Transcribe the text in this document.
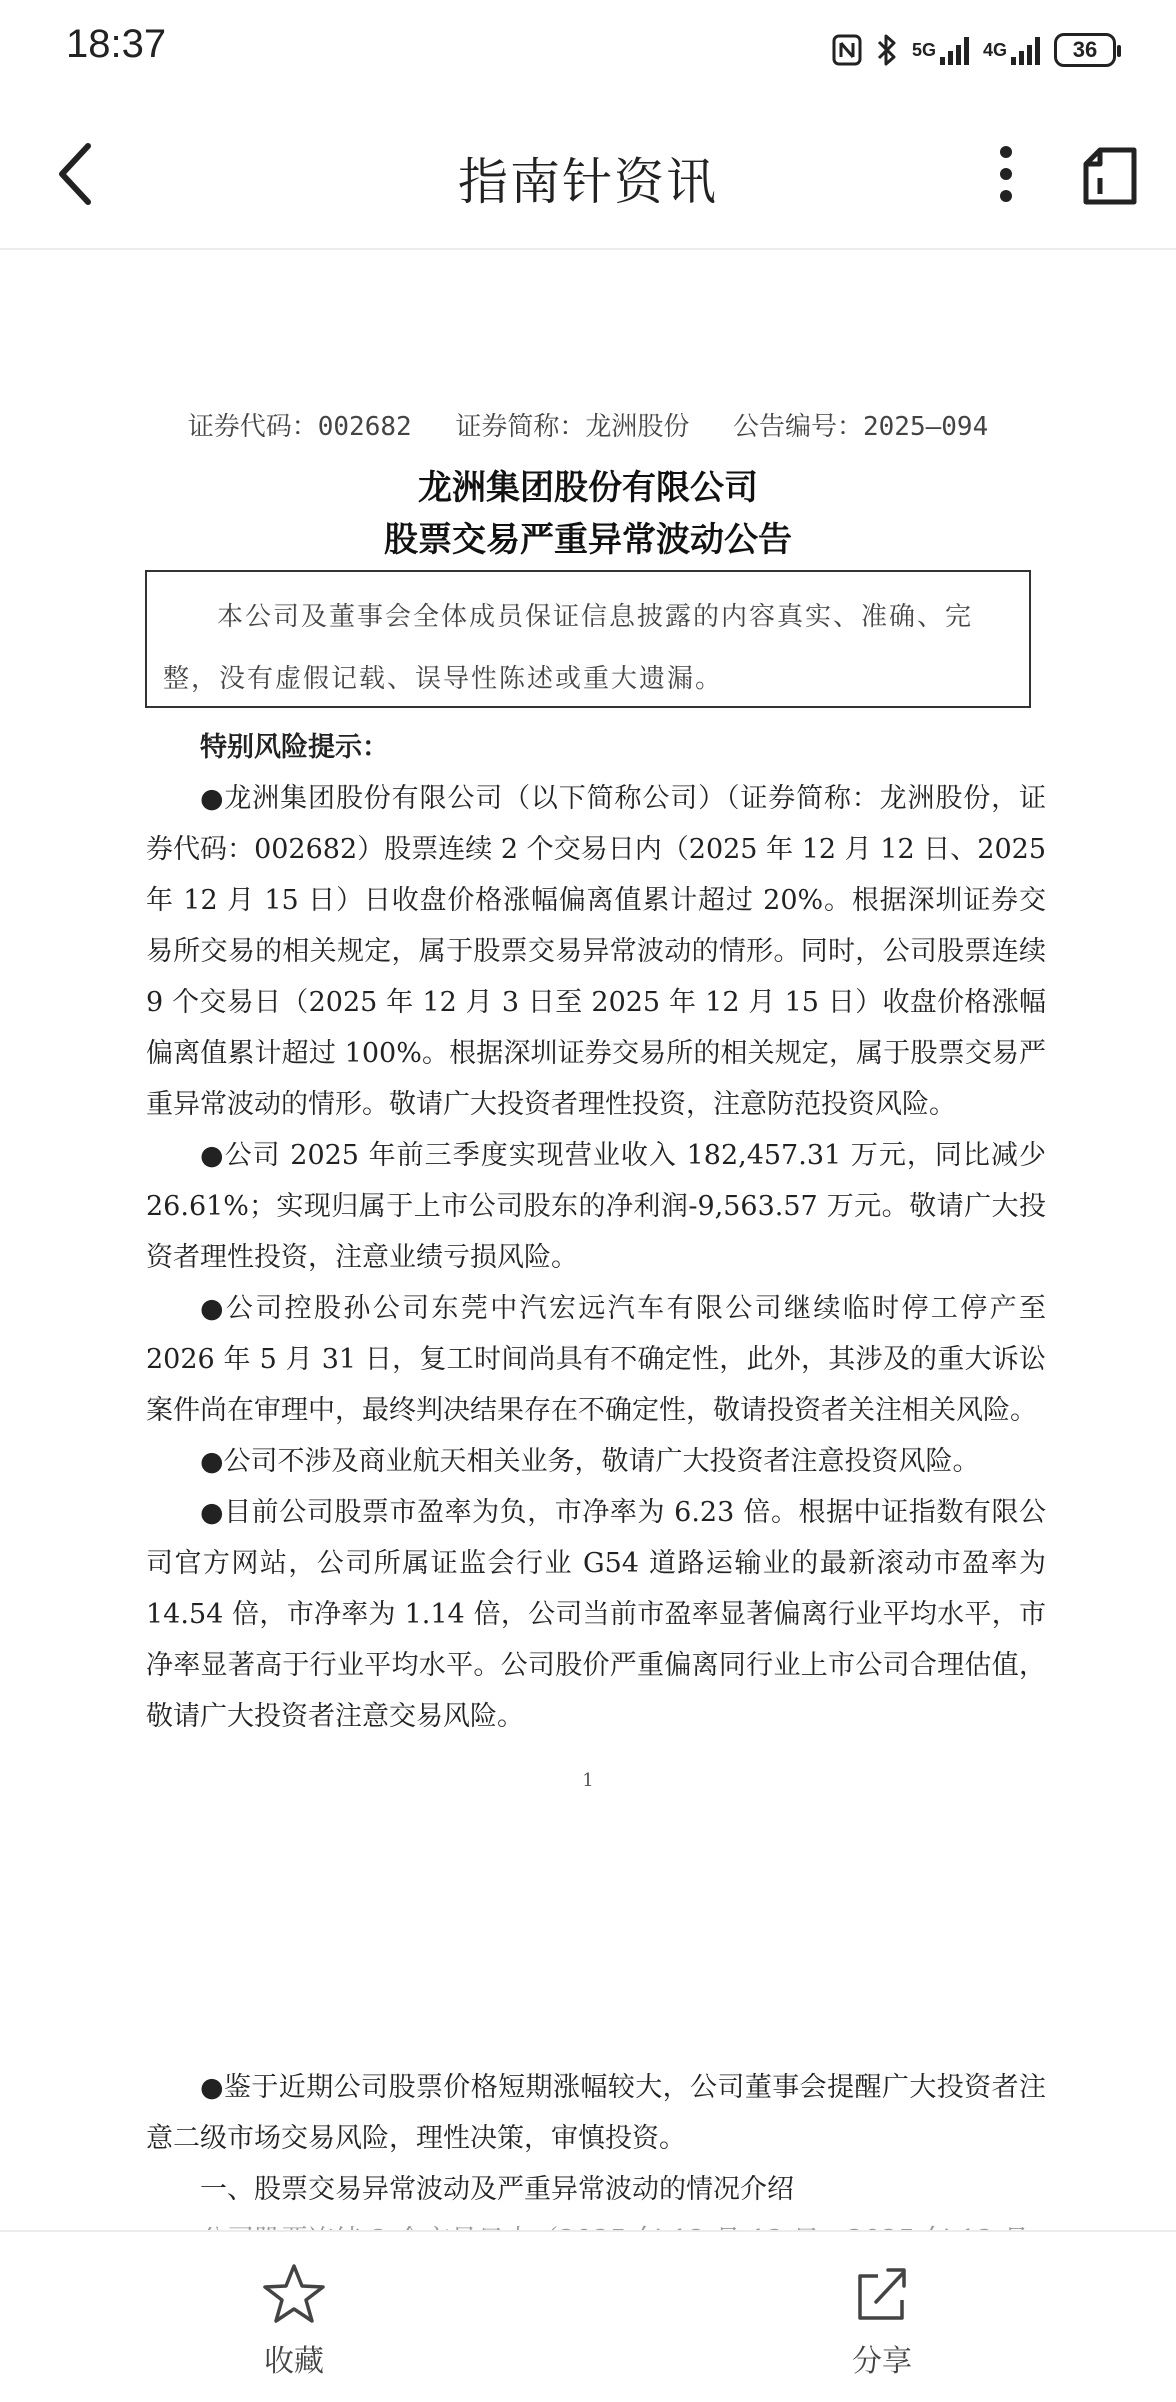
18:37	5G	4G	36
指南针资讯
证券代码：002682 证券简称：龙洲股份 公告编号：2025—094
龙洲集团股份有限公司
股票交易严重异常波动公告
本公司及董事会全体成员保证信息披露的内容真实、准确、完整，没有虚假记载、误导性陈述或重大遗漏。

特别风险提示：

●龙洲集团股份有限公司（以下简称公司）（证券简称：龙洲股份，证券代码：002682）股票连续 2 个交易日内（2025 年 12 月 12 日、2025 年 12 月 15 日）日收盘价格涨幅偏离值累计超过 20%。根据深圳证券交易所交易的相关规定，属于股票交易异常波动的情形。同时，公司股票连续 9 个交易日（2025 年 12 月 3 日至 2025 年 12 月 15 日）收盘价格涨幅偏离值累计超过 100%。根据深圳证券交易所的相关规定，属于股票交易严重异常波动的情形。敬请广大投资者理性投资，注意防范投资风险。

●公司 2025 年前三季度实现营业收入 182,457.31 万元，同比减少 26.61%；实现归属于上市公司股东的净利润-9,563.57 万元。敬请广大投资者理性投资，注意业绩亏损风险。

●公司控股孙公司东莞中汽宏远汽车有限公司继续临时停工停产至 2026 年 5 月 31 日，复工时间尚具有不确定性，此外，其涉及的重大诉讼案件尚在审理中，最终判决结果存在不确定性，敬请投资者关注相关风险。

●公司不涉及商业航天相关业务，敬请广大投资者注意投资风险。

●目前公司股票市盈率为负，市净率为 6.23 倍。根据中证指数有限公司官方网站，公司所属证监会行业 G54 道路运输业的最新滚动市盈率为 14.54 倍，市净率为 1.14 倍，公司当前市盈率显著偏离行业平均水平，市净率显著高于行业平均水平。公司股价严重偏离同行业上市公司合理估值，敬请广大投资者注意交易风险。

1

●鉴于近期公司股票价格短期涨幅较大，公司董事会提醒广大投资者注意二级市场交易风险，理性决策，审慎投资。

一、股票交易异常波动及严重异常波动的情况介绍

收藏	分享
